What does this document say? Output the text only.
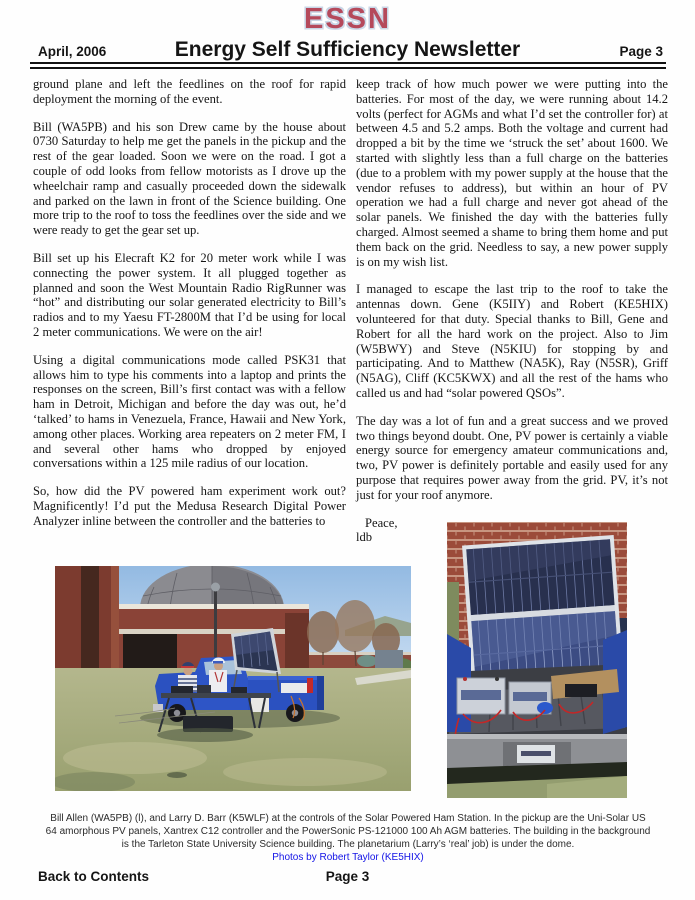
ESSN
April, 2006	Energy Self Sufficiency Newsletter	Page 3

ground plane and left the feedlines on the roof for rapid deployment the morning of the event.

Bill (WA5PB) and his son Drew came by the house about 0730 Saturday to help me get the panels in the pickup and the rest of the gear loaded. Soon we were on the road. I got a couple of odd looks from fellow motorists as I drove up the wheelchair ramp and casually proceeded down the sidewalk and parked on the lawn in front of the Science building. One more trip to the roof to toss the feedlines over the side and we were ready to get the gear set up.

Bill set up his Elecraft K2 for 20 meter work while I was connecting the power system. It all plugged together as planned and soon the West Mountain Radio RigRunner was “hot” and distributing our solar generated electricity to Bill’s radios and to my Yaesu FT-2800M that I’d be using for local 2 meter communications. We were on the air!

Using a digital communications mode called PSK31 that allows him to type his comments into a laptop and prints the responses on the screen, Bill’s first contact was with a fellow ham in Detroit, Michigan and before the day was out, he’d ‘talked’ to hams in Venezuela, France, Hawaii and New York, among other places. Working area repeaters on 2 meter FM, I and several other hams who dropped by enjoyed conversations within a 125 mile radius of our location.

So, how did the PV powered ham experiment work out? Magnificently! I’d put the Medusa Research Digital Power Analyzer inline between the controller and the batteries to

keep track of how much power we were putting into the batteries. For most of the day, we were running about 14.2 volts (perfect for AGMs and what I’d set the controller for) at between 4.5 and 5.2 amps. Both the voltage and current had dropped a bit by the time we ‘struck the set’ about 1600. We started with slightly less than a full charge on the batteries (due to a problem with my power supply at the house that the vendor refuses to address), but within an hour of PV operation we had a full charge and never got ahead of the solar panels. We finished the day with the batteries fully charged. Almost seemed a shame to bring them home and put them back on the grid. Needless to say, a new power supply is on my wish list.

I managed to escape the last trip to the roof to take the antennas down. Gene (K5IIY) and Robert (KE5HIX) volunteered for that duty. Special thanks to Bill, Gene and Robert for all the hard work on the project. Also to Jim (W5BWY) and Steve (N5KIU) for stopping by and participating. And to Matthew (NA5K), Ray (N5SR), Griff (N5AG), Cliff (KC5KWX) and all the rest of the hams who called us and had “solar powered QSOs”.

The day was a lot of fun and a great success and we proved two things beyond doubt. One, PV power is certainly a viable energy source for emergency amateur communications and, two, PV power is definitely portable and easily used for any purpose that requires power away from the grid. PV, it’s not just for your roof anymore.

Peace,
ldb
Bill Allen (WA5PB) (l), and Larry D. Barr (K5WLF) at the controls of the Solar Powered Ham Station. In the pickup are the Uni-Solar US 64 amorphous PV panels, Xantrex C12 controller and the PowerSonic PS-121000 100 Ah AGM batteries. The building in the background is the Tarleton State University Science building. The planetarium (Larry’s ‘real’ job) is under the dome.
Photos by Robert Taylor (KE5HIX)
Back to Contents	Page 3
